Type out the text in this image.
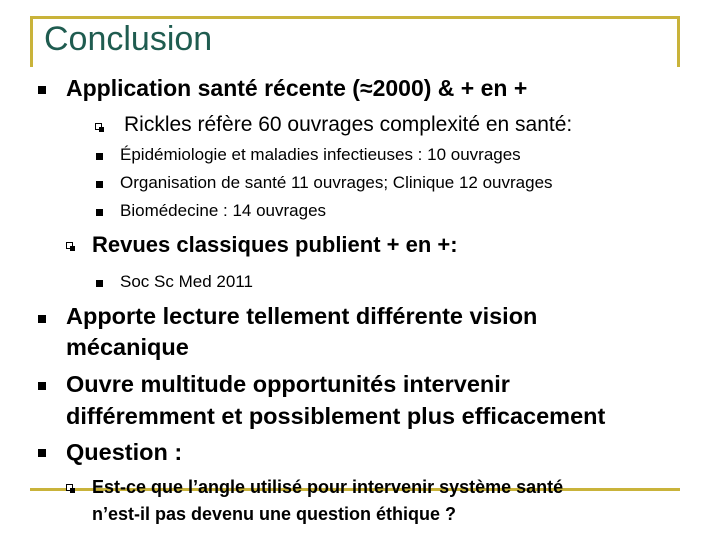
Conclusion
Application santé récente (≈2000) & + en +
Rickles réfère 60 ouvrages complexité en santé:
Épidémiologie et maladies infectieuses : 10 ouvrages
Organisation de santé 11 ouvrages; Clinique 12 ouvrages
Biomédecine : 14 ouvrages
Revues classiques publient + en +:
Soc Sc Med 2011
Apporte lecture tellement différente vision
mécanique
Ouvre multitude opportunités intervenir
différemment et possiblement plus efficacement
Question :
Est-ce que l’angle utilisé pour intervenir système santé
n’est-il pas devenu une question éthique ?
